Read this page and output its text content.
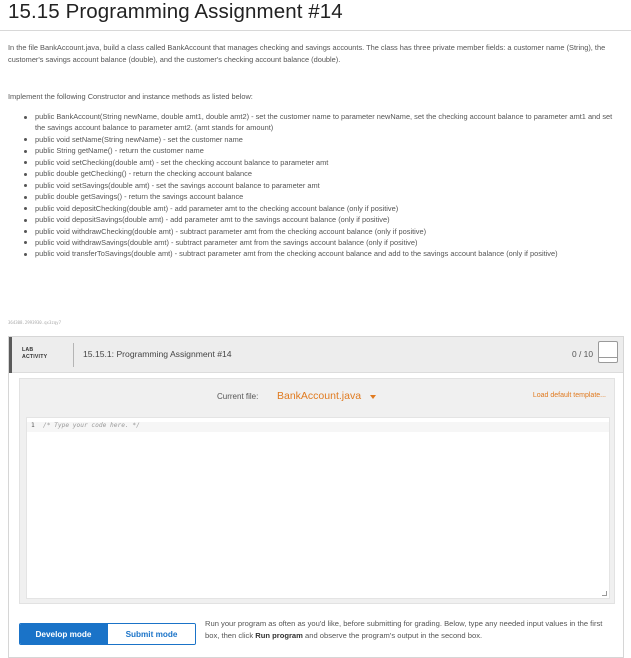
15.15 Programming Assignment #14

In the file BankAccount.java, build a class called BankAccount that manages checking and savings accounts. The class has three private member fields: a customer name (String), the customer's savings account balance (double), and the customer's checking account balance (double).

Implement the following Constructor and instance methods as listed below:

public BankAccount(String newName, double amt1, double amt2) - set the customer name to parameter newName, set the checking account balance to parameter amt1 and set the savings account balance to parameter amt2. (amt stands for amount)
public void setName(String newName) - set the customer name
public String getName() - return the customer name
public void setChecking(double amt) - set the checking account balance to parameter amt
public double getChecking() - return the checking account balance
public void setSavings(double amt) - set the savings account balance to parameter amt
public double getSavings() - return the savings account balance
public void depositChecking(double amt) - add parameter amt to the checking account balance (only if positive)
public void depositSavings(double amt) - add parameter amt to the savings account balance (only if positive)
public void withdrawChecking(double amt) - subtract parameter amt from the checking account balance (only if positive)
public void withdrawSavings(double amt) - subtract parameter amt from the savings account balance (only if positive)
public void transferToSavings(double amt) - subtract parameter amt from the checking account balance and add to the savings account balance (only if positive)
364308.2993930.qx3zqy7
LAB
ACTIVITY	15.15.1: Programming Assignment #14	0 / 10
Current file: BankAccount.java	Load default template...
1 /* Type your code here. */
Develop mode	Submit mode

Run your program as often as you'd like, before submitting for grading. Below, type any needed input values in the first box, then click Run program and observe the program's output in the second box.
